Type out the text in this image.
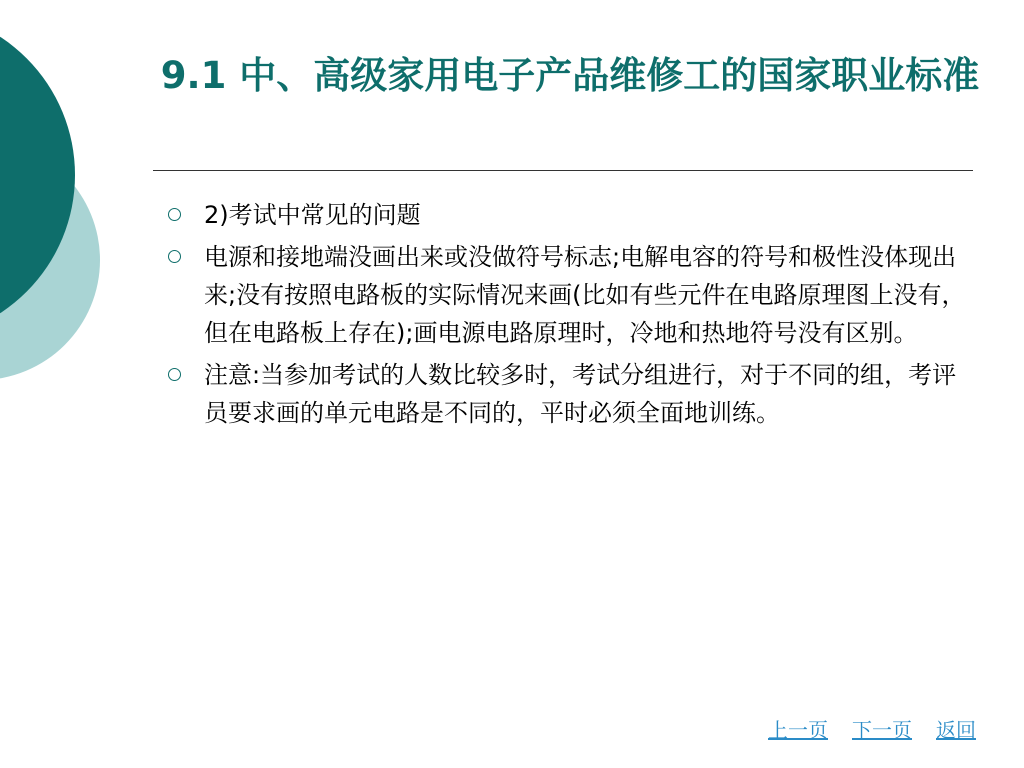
9.1 中、高级家用电子产品维修工的国家职业标准
2)考试中常见的问题
电源和接地端没画出来或没做符号标志;电解电容的符号和极性没体现出来;没有按照电路板的实际情况来画(比如有些元件在电路原理图上没有，但在电路板上存在);画电源电路原理时，冷地和热地符号没有区别。
注意:当参加考试的人数比较多时，考试分组进行，对于不同的组，考评员要求画的单元电路是不同的，平时必须全面地训练。
上一页 下一页 返回
